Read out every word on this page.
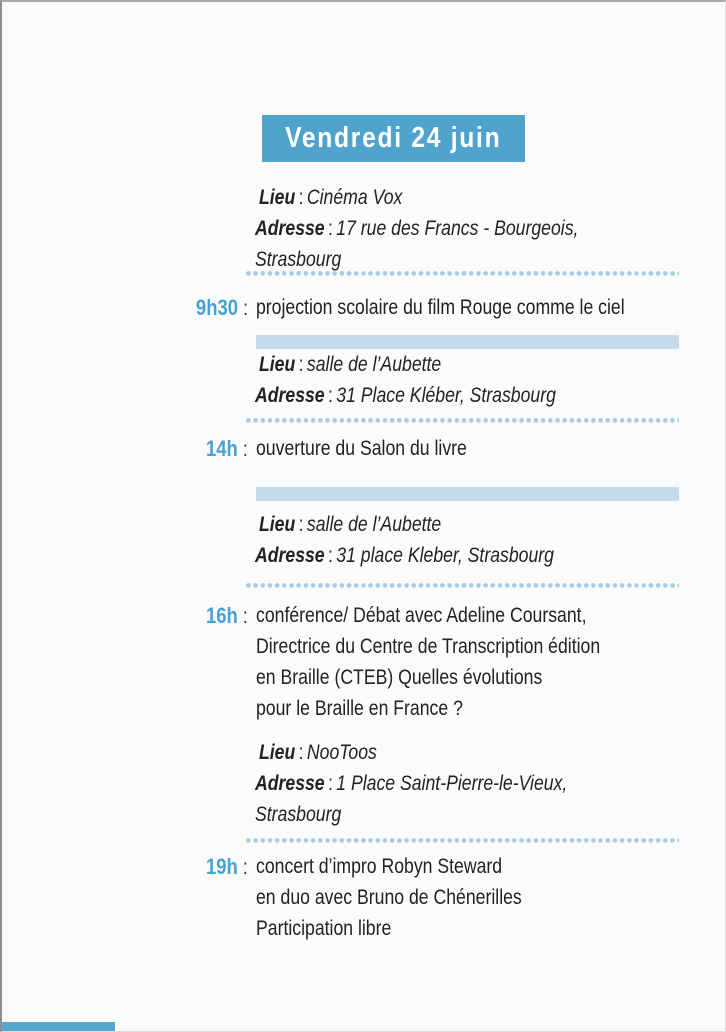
Vendredi 24 juin
Lieu : Cinéma Vox
Adresse : 17 rue des Francs - Bourgeois,
Strasbourg
9h30 : projection scolaire du film Rouge comme le ciel
Lieu : salle de l’Aubette
Adresse : 31 Place Kléber, Strasbourg
14h : ouverture du Salon du livre
Lieu : salle de l’Aubette
Adresse : 31 place Kleber, Strasbourg
16h : conférence/ Débat avec Adeline Coursant,
Directrice du Centre de Transcription édition
en Braille (CTEB) Quelles évolutions
pour le Braille en France ?
Lieu : NooToos
Adresse : 1 Place Saint-Pierre-le-Vieux,
Strasbourg
19h : concert d’impro Robyn Steward
en duo avec Bruno de Chénerilles
Participation libre
